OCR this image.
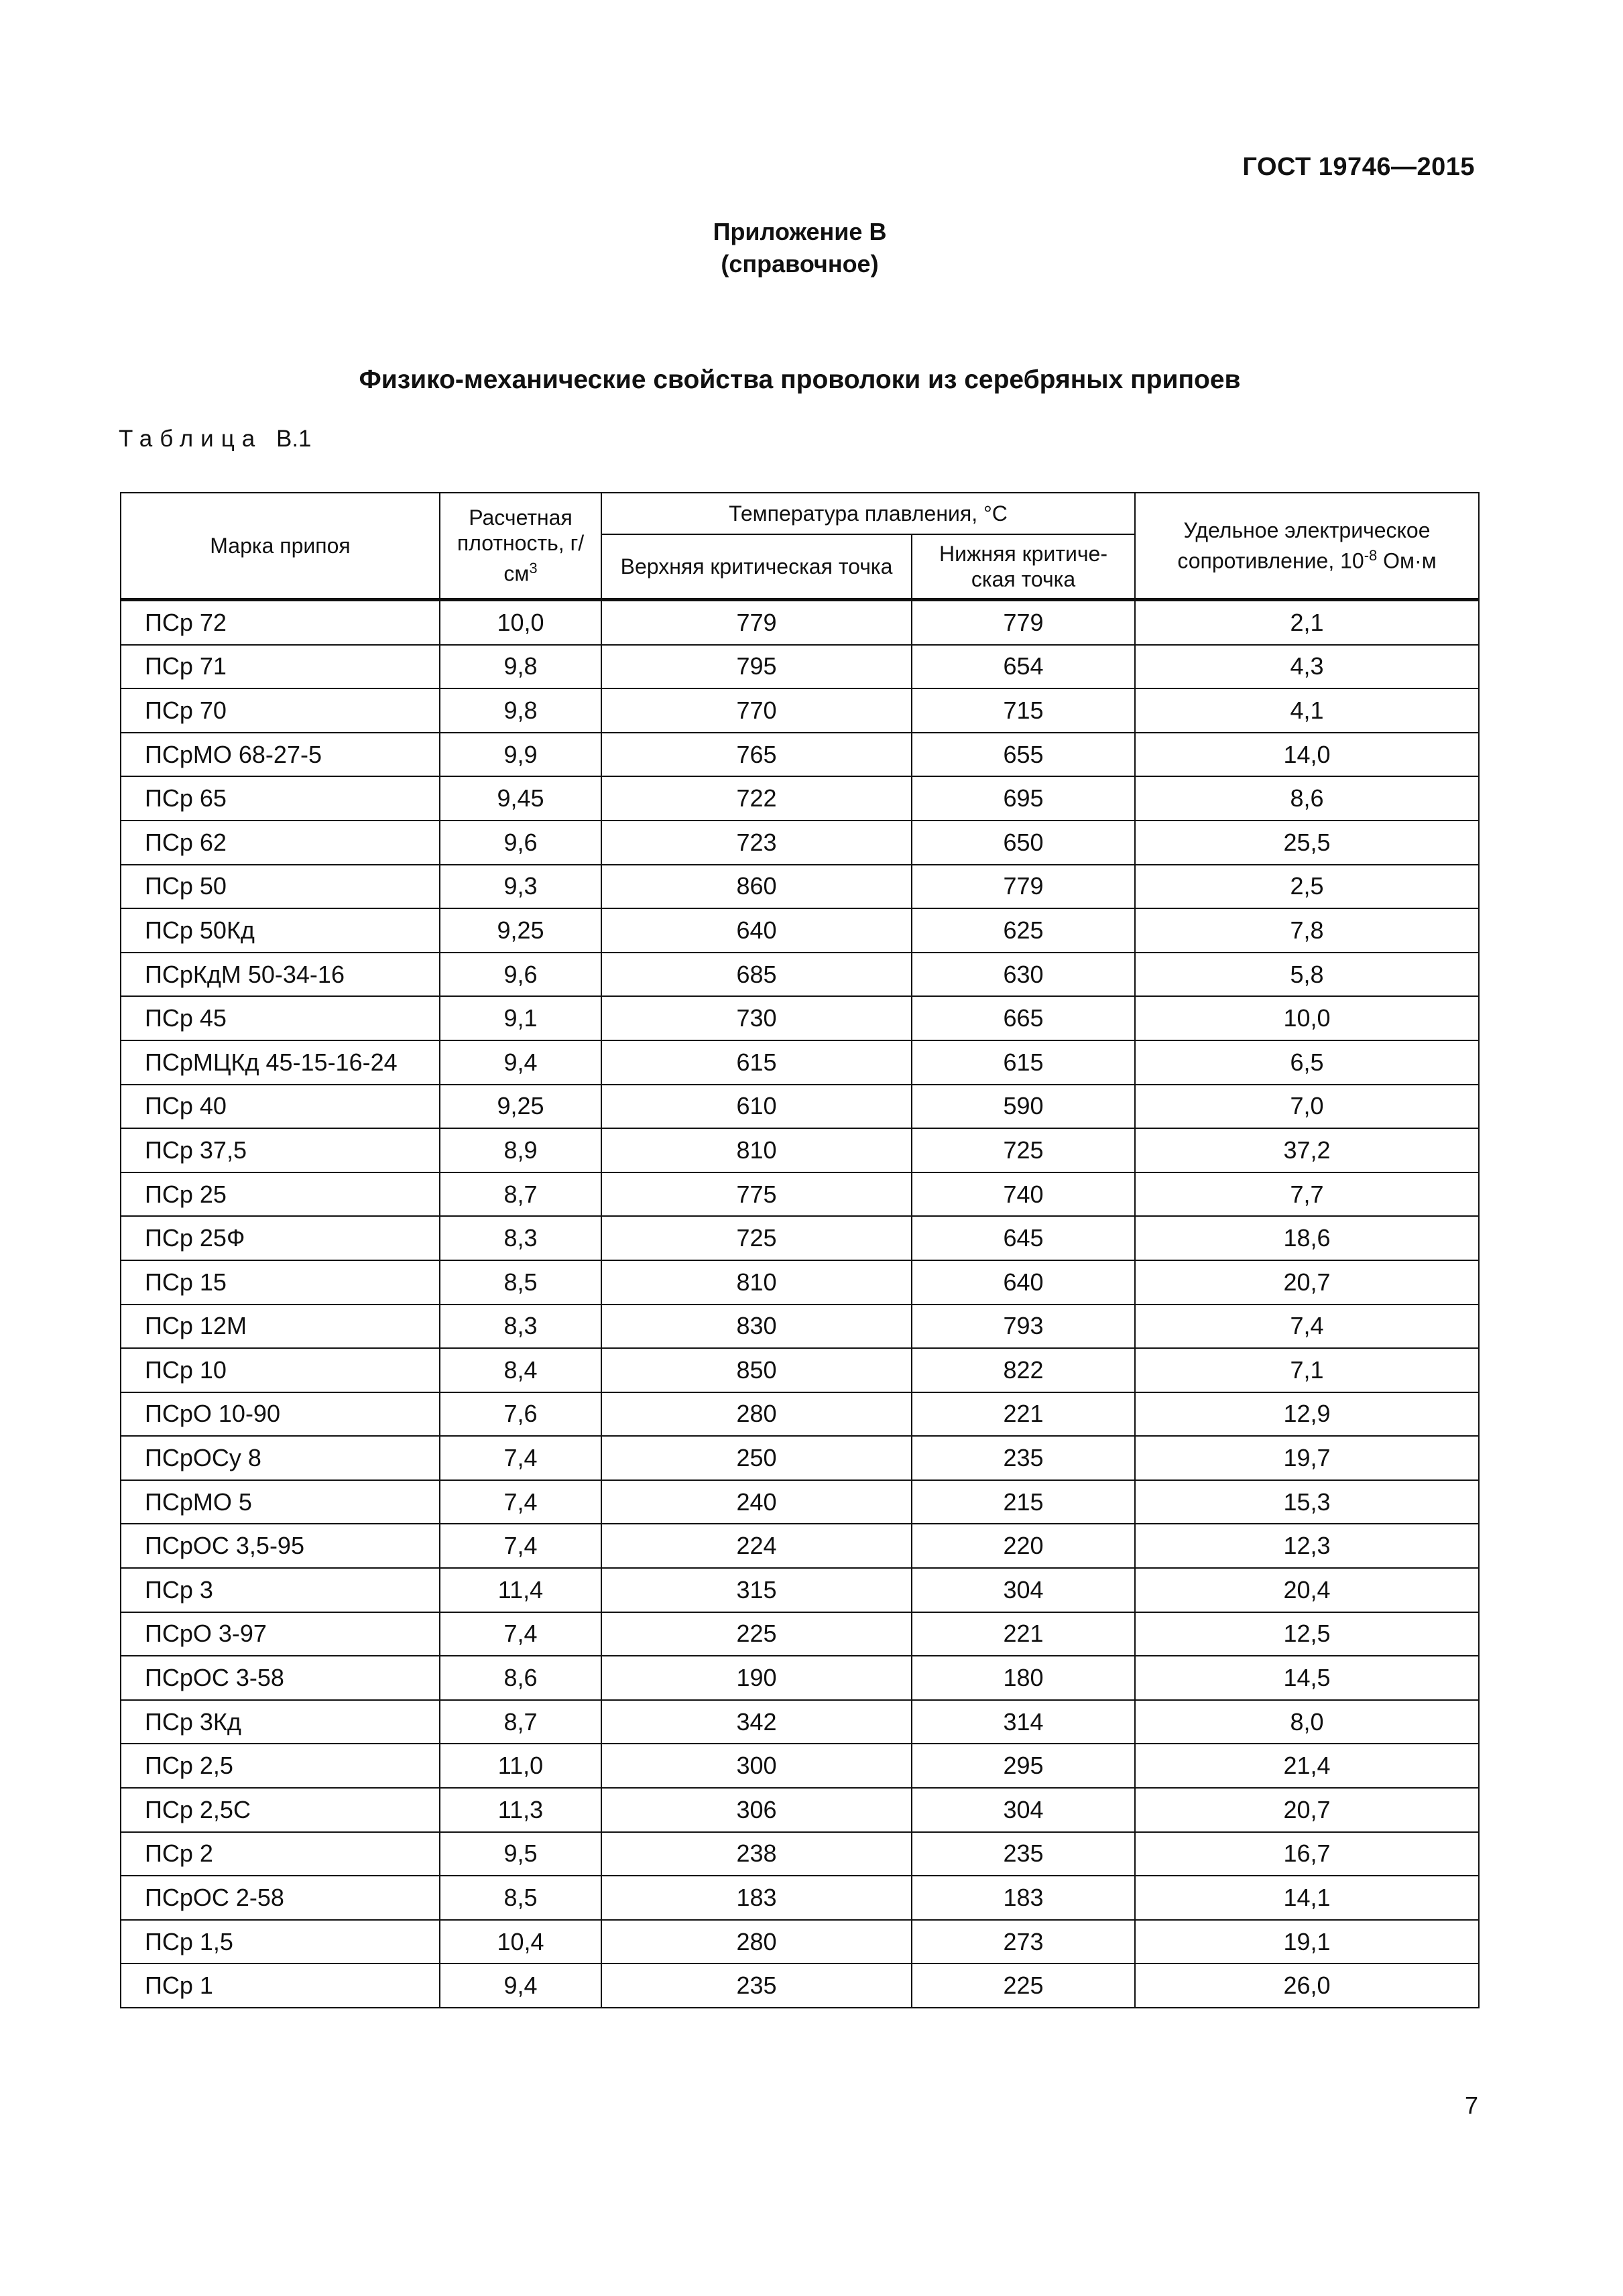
ГОСТ 19746—2015
Приложение В
(справочное)
Физико-механические свойства проволоки из серебряных припоев
Таблица В.1
Марка припоя	Расчетная плотность, $г/см^3$	Температура плавления, °С		Удельное электрическое сопротивление, $10^{-8}$ Ом·м
		Верхняя критическая точка	Нижняя критиче-ская точка	
ПСр 72	10,0	779	779	2,1
ПСр 71	9,8	795	654	4,3
ПСр 70	9,8	770	715	4,1
ПСрМО 68-27-5	9,9	765	655	14,0
ПСр 65	9,45	722	695	8,6
ПСр 62	9,6	723	650	25,5
ПСр 50	9,3	860	779	2,5
ПСр 50Кд	9,25	640	625	7,8
ПСрКдМ 50-34-16	9,6	685	630	5,8
ПСр 45	9,1	730	665	10,0
ПСрМЦКд 45-15-16-24	9,4	615	615	6,5
ПСр 40	9,25	610	590	7,0
ПСр 37,5	8,9	810	725	37,2
ПСр 25	8,7	775	740	7,7
ПСр 25Ф	8,3	725	645	18,6
ПСр 15	8,5	810	640	20,7
ПСр 12М	8,3	830	793	7,4
ПСр 10	8,4	850	822	7,1
ПСрО 10-90	7,6	280	221	12,9
ПСрОСу 8	7,4	250	235	19,7
ПСрМО 5	7,4	240	215	15,3
ПСрОС 3,5-95	7,4	224	220	12,3
ПСр 3	11,4	315	304	20,4
ПСрО 3-97	7,4	225	221	12,5
ПСрОС 3-58	8,6	190	180	14,5
ПСр 3Кд	8,7	342	314	8,0
ПСр 2,5	11,0	300	295	21,4
ПСр 2,5С	11,3	306	304	20,7
ПСр 2	9,5	238	235	16,7
ПСрОС 2-58	8,5	183	183	14,1
ПСр 1,5	10,4	280	273	19,1
ПСр 1	9,4	235	225	26,0
7
